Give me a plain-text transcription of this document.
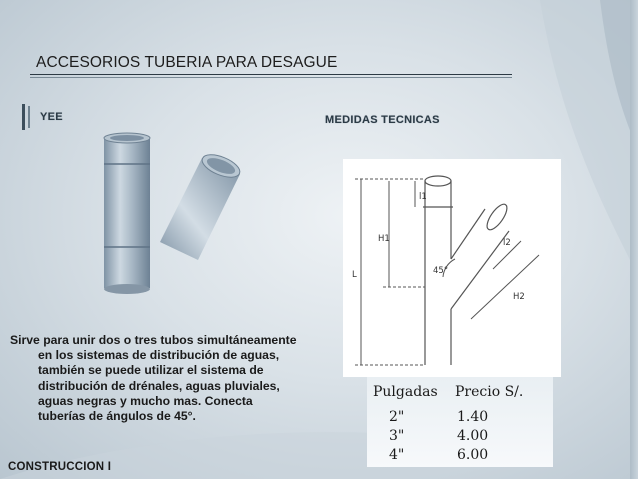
ACCESORIOS TUBERIA PARA DESAGUE
YEE	MEDIDAS TECNICAS
l1
H1
L	45°
l2
H2
Sirve para unir dos o tres tubos simultáneamente
en los sistemas de distribución de aguas,
también se puede utilizar el sistema de
distribución de drénales, aguas pluviales,
aguas negras y mucho mas. Conecta
tuberías de ángulos de 45°.
Pulgadas Precio S/.
2"	1.40
3"	4.00
4"	6.00
CONSTRUCCION I
